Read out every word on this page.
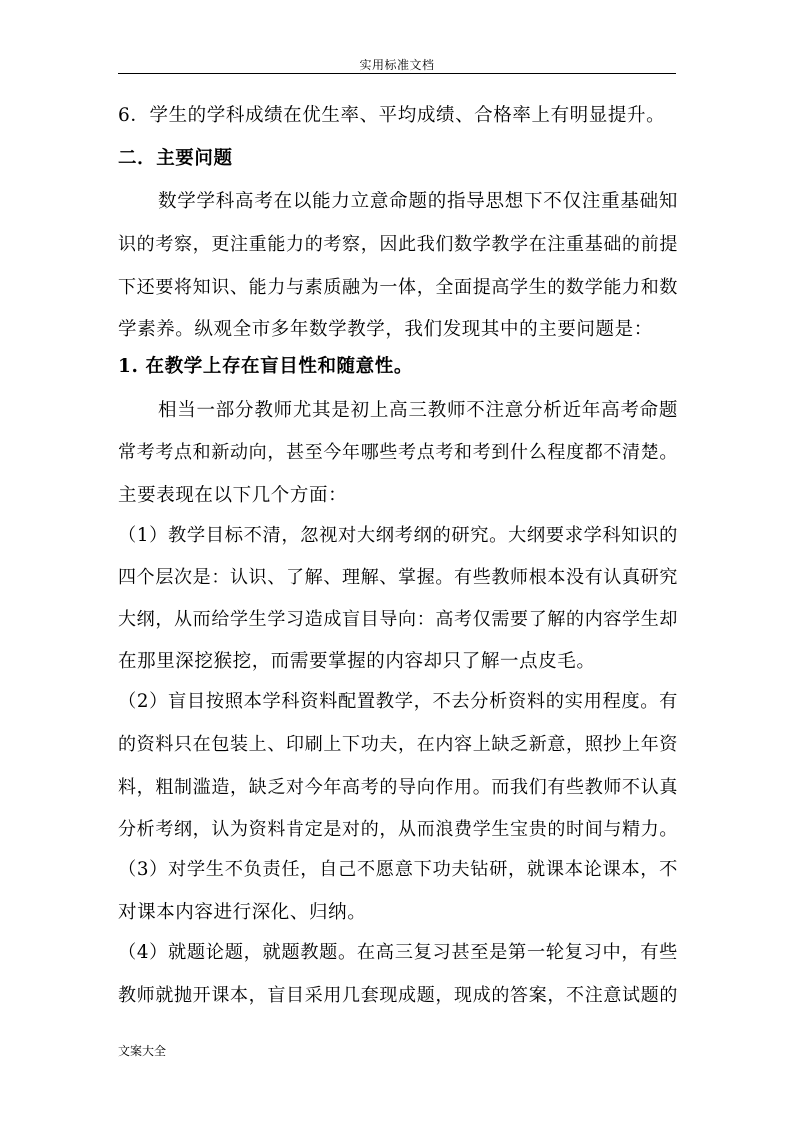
实用标准文档
6．学生的学科成绩在优生率、平均成绩、合格率上有明显提升。
二．主要问题
数学学科高考在以能力立意命题的指导思想下不仅注重基础知
识的考察，更注重能力的考察，因此我们数学教学在注重基础的前提
下还要将知识、能力与素质融为一体，全面提高学生的数学能力和数
学素养。纵观全市多年数学教学，我们发现其中的主要问题是：
1. 在教学上存在盲目性和随意性。
相当一部分教师尤其是初上高三教师不注意分析近年高考命题
常考考点和新动向，甚至今年哪些考点考和考到什么程度都不清楚。
主要表现在以下几个方面：
（1）教学目标不清，忽视对大纲考纲的研究。大纲要求学科知识的
四个层次是：认识、了解、理解、掌握。有些教师根本没有认真研究
大纲，从而给学生学习造成盲目导向：高考仅需要了解的内容学生却
在那里深挖猴挖，而需要掌握的内容却只了解一点皮毛。
（2）盲目按照本学科资料配置教学，不去分析资料的实用程度。有
的资料只在包装上、印刷上下功夫，在内容上缺乏新意，照抄上年资
料，粗制滥造，缺乏对今年高考的导向作用。而我们有些教师不认真
分析考纲，认为资料肯定是对的，从而浪费学生宝贵的时间与精力。
（3）对学生不负责任，自己不愿意下功夫钻研，就课本论课本，不
对课本内容进行深化、归纳。
（4）就题论题，就题教题。在高三复习甚至是第一轮复习中，有些
教师就抛开课本，盲目采用几套现成题，现成的答案，不注意试题的
文案大全
